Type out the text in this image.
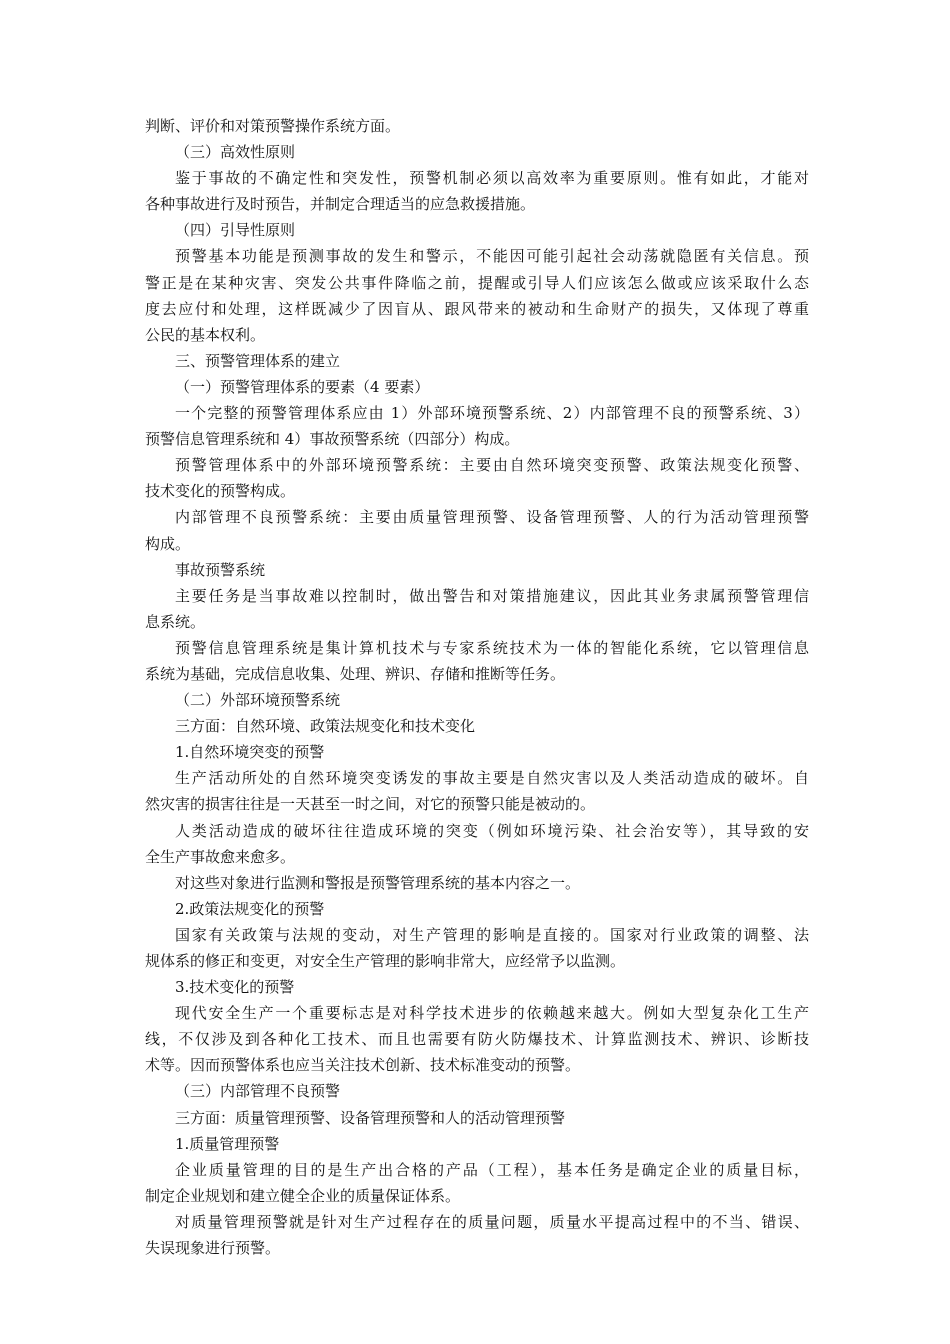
判断、评价和对策预警操作系统方面。
（三）高效性原则
鉴于事故的不确定性和突发性，预警机制必须以高效率为重要原则。惟有如此，才能对
各种事故进行及时预告，并制定合理适当的应急救援措施。
（四）引导性原则
预警基本功能是预测事故的发生和警示，不能因可能引起社会动荡就隐匿有关信息。预
警正是在某种灾害、突发公共事件降临之前，提醒或引导人们应该怎么做或应该采取什么态
度去应付和处理，这样既减少了因盲从、跟风带来的被动和生命财产的损失，又体现了尊重
公民的基本权利。
三、预警管理体系的建立
（一）预警管理体系的要素（4 要素）
一个完整的预警管理体系应由 1）外部环境预警系统、2）内部管理不良的预警系统、3）
预警信息管理系统和 4）事故预警系统（四部分）构成。
预警管理体系中的外部环境预警系统：主要由自然环境突变预警、政策法规变化预警、
技术变化的预警构成。
内部管理不良预警系统：主要由质量管理预警、设备管理预警、人的行为活动管理预警
构成。
事故预警系统
主要任务是当事故难以控制时，做出警告和对策措施建议，因此其业务隶属预警管理信
息系统。
预警信息管理系统是集计算机技术与专家系统技术为一体的智能化系统，它以管理信息
系统为基础，完成信息收集、处理、辨识、存储和推断等任务。
（二）外部环境预警系统
三方面：自然环境、政策法规变化和技术变化
1.自然环境突变的预警
生产活动所处的自然环境突变诱发的事故主要是自然灾害以及人类活动造成的破坏。自
然灾害的损害往往是一天甚至一时之间，对它的预警只能是被动的。
人类活动造成的破坏往往造成环境的突变（例如环境污染、社会治安等），其导致的安
全生产事故愈来愈多。
对这些对象进行监测和警报是预警管理系统的基本内容之一。
2.政策法规变化的预警
国家有关政策与法规的变动，对生产管理的影响是直接的。国家对行业政策的调整、法
规体系的修正和变更，对安全生产管理的影响非常大，应经常予以监测。
3.技术变化的预警
现代安全生产一个重要标志是对科学技术进步的依赖越来越大。例如大型复杂化工生产
线，不仅涉及到各种化工技术、而且也需要有防火防爆技术、计算监测技术、辨识、诊断技
术等。因而预警体系也应当关注技术创新、技术标准变动的预警。
（三）内部管理不良预警
三方面：质量管理预警、设备管理预警和人的活动管理预警
1.质量管理预警
企业质量管理的目的是生产出合格的产品（工程），基本任务是确定企业的质量目标，
制定企业规划和建立健全企业的质量保证体系。
对质量管理预警就是针对生产过程存在的质量问题，质量水平提高过程中的不当、错误、
失误现象进行预警。
